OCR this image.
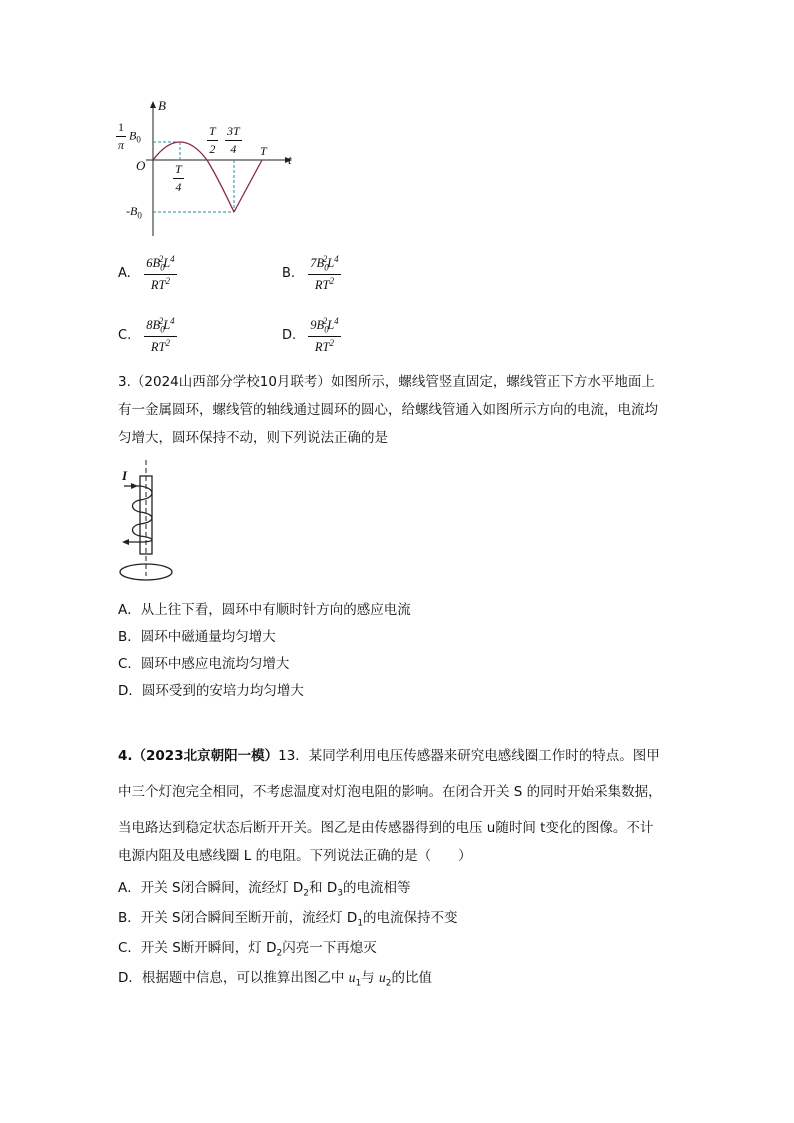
B
t
O
$\frac{1}{\pi} B_0$
$-B_0$
$\frac{T}{4}$
$\frac{T}{2} \frac{3T}{4}$ T
A. $\frac{6B_0^2L^4}{RT^2}$	B. $\frac{7B_0^2L^4}{RT^2}$
C. $\frac{8B_0^2L^4}{RT^2}$	D. $\frac{9B_0^2L^4}{RT^2}$
3.（2024山西部分学校10月联考）如图所示，螺线管竖直固定，螺线管正下方水平地面上
有一金属圆环，螺线管的轴线通过圆环的圆心，给螺线管通入如图所示方向的电流，电流均
匀增大，圆环保持不动，则下列说法正确的是
I
A．从上往下看，圆环中有顺时针方向的感应电流
B．圆环中磁通量均匀增大
C．圆环中感应电流均匀增大
D．圆环受到的安培力均匀增大
4.（2023北京朝阳一模）13．某同学利用电压传感器来研究电感线圈工作时的特点。图甲
中三个灯泡完全相同，不考虑温度对灯泡电阻的影响。在闭合开关 S 的同时开始采集数据，
当电路达到稳定状态后断开开关。图乙是由传感器得到的电压 u随时间 t变化的图像。不计
电源内阻及电感线圈 L 的电阻。下列说法正确的是（　　）
A．开关 S闭合瞬间，流经灯 $D_2$和 $D_3$的电流相等
B．开关 S闭合瞬间至断开前，流经灯 $D_1$的电流保持不变
C．开关 S断开瞬间，灯 $D_2$闪亮一下再熄灭
D．根据题中信息，可以推算出图乙中 $u_1$与 $u_2$的比值
